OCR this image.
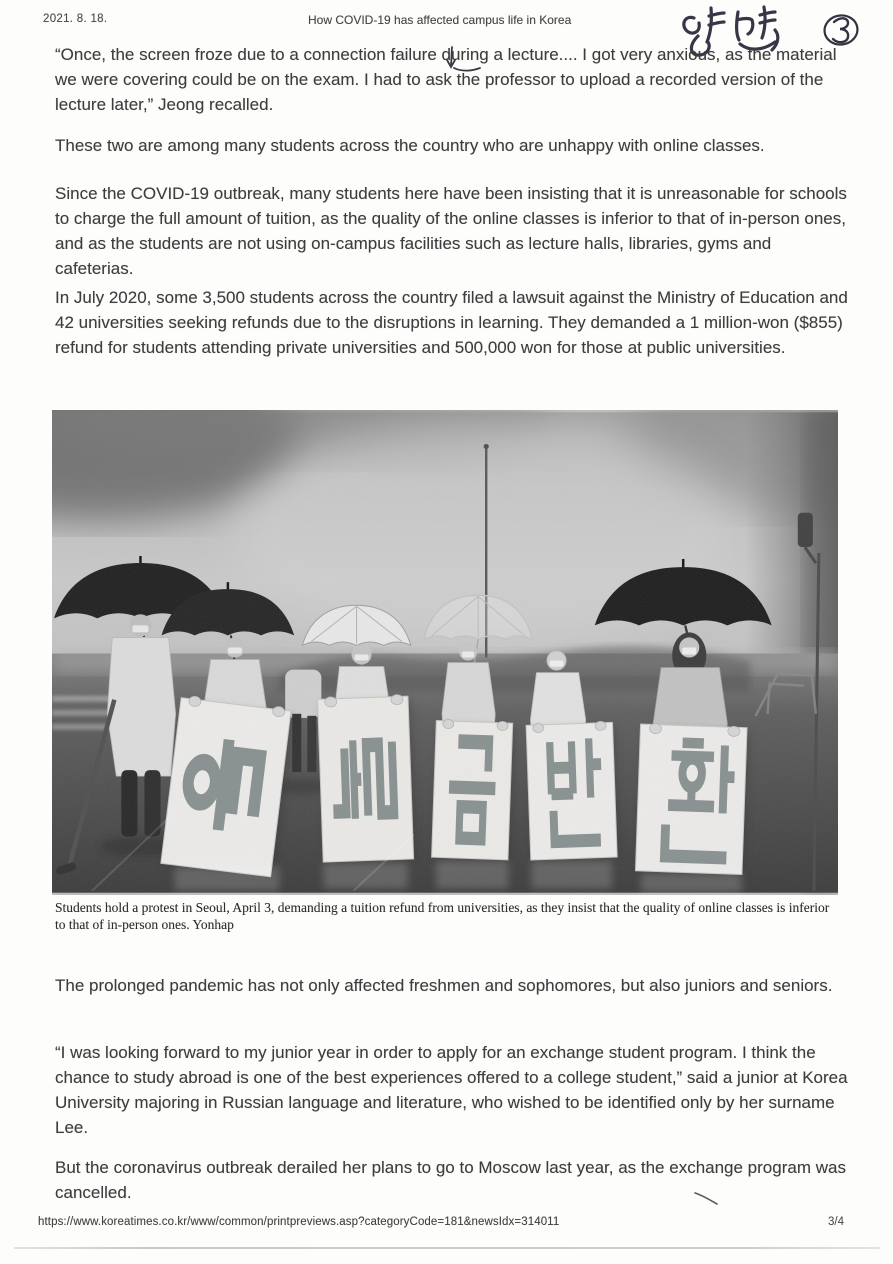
2021. 8. 18.	How COVID-19 has affected campus life in Korea

“Once, the screen froze due to a connection failure during a lecture.... I got very anxious, as the material we were covering could be on the exam. I had to ask the professor to upload a recorded version of the lecture later,” Jeong recalled.

These two are among many students across the country who are unhappy with online classes.

Since the COVID-19 outbreak, many students here have been insisting that it is unreasonable for schools to charge the full amount of tuition, as the quality of the online classes is inferior to that of in-person ones, and as the students are not using on-campus facilities such as lecture halls, libraries, gyms and cafeterias.

In July 2020, some 3,500 students across the country filed a lawsuit against the Ministry of Education and 42 universities seeking refunds due to the disruptions in learning. They demanded a 1 million-won ($855) refund for students attending private universities and 500,000 won for those at public universities.

Students hold a protest in Seoul, April 3, demanding a tuition refund from universities, as they insist that the quality of online classes is inferior to that of in-person ones. Yonhap

The prolonged pandemic has not only affected freshmen and sophomores, but also juniors and seniors.

“I was looking forward to my junior year in order to apply for an exchange student program. I think the chance to study abroad is one of the best experiences offered to a college student,” said a junior at Korea University majoring in Russian language and literature, who wished to be identified only by her surname Lee.

But the coronavirus outbreak derailed her plans to go to Moscow last year, as the exchange program was cancelled.

https://www.koreatimes.co.kr/www/common/printpreviews.asp?categoryCode=181&newsIdx=314011	3/4
